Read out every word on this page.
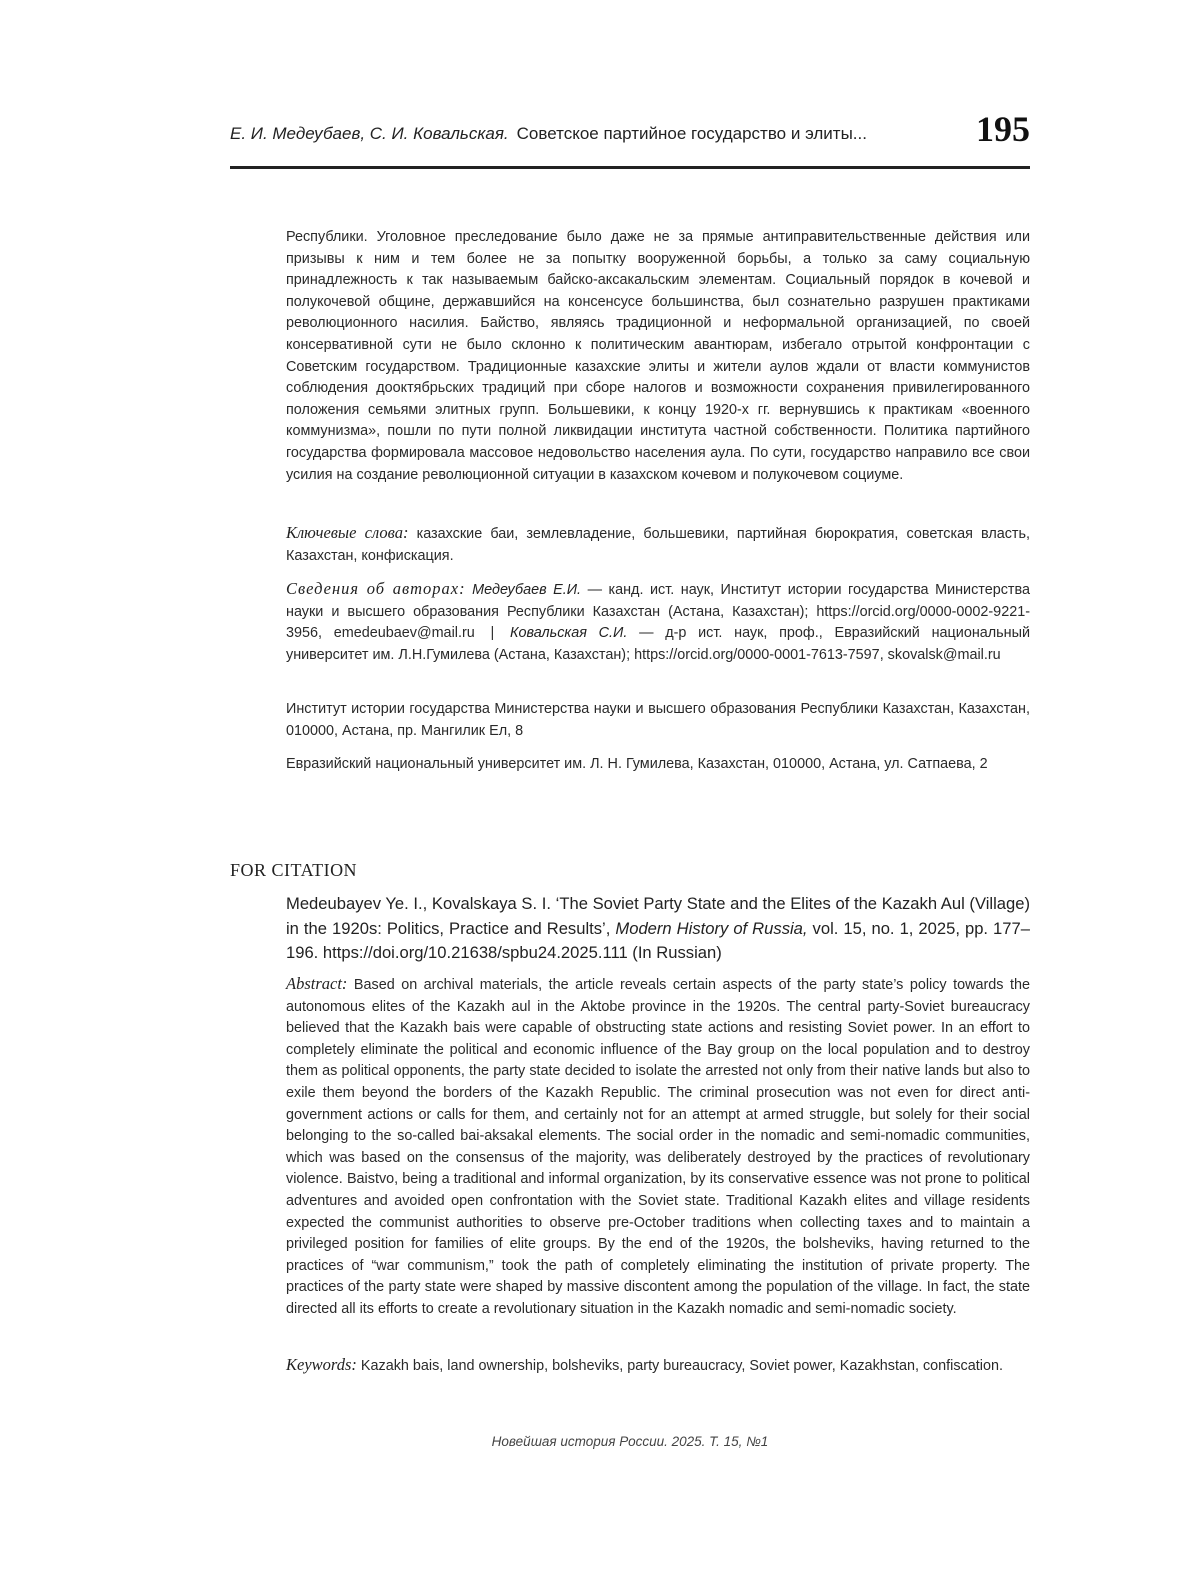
Е. И. Медеубаев, С. И. Ковальская. Советское партийное государство и элиты...	195

Республики. Уголовное преследование было даже не за прямые антиправительственные действия или призывы к ним и тем более не за попытку вооруженной борьбы, а только за саму социальную принадлежность к так называемым байско-аксакальским элементам. Социальный порядок в кочевой и полукочевой общине, державшийся на консенсусе большинства, был сознательно разрушен практиками революционного насилия. Байство, являясь традиционной и неформальной организацией, по своей консервативной сути не было склонно к политическим авантюрам, избегало отрытой конфронтации с Советским государством. Традиционные казахские элиты и жители аулов ждали от власти коммунистов соблюдения дооктябрьских традиций при сборе налогов и возможности сохранения привилегированного положения семьями элитных групп. Большевики, к концу 1920-х гг. вернувшись к практикам «военного коммунизма», пошли по пути полной ликвидации института частной собственности. Политика партийного государства формировала массовое недовольство населения аула. По сути, государство направило все свои усилия на создание революционной ситуации в казахском кочевом и полукочевом социуме.

Ключевые слова: казахские баи, землевладение, большевики, партийная бюрократия, советская власть, Казахстан, конфискация.

Сведения об авторах: Медеубаев Е.И. — канд. ист. наук, Институт истории государства Министерства науки и высшего образования Республики Казахстан (Астана, Казахстан); https://orcid.org/0000-0002-9221-3956, emedeubaev@mail.ru | Ковальская С.И. — д-р ист. наук, проф., Евразийский национальный университет им. Л.Н.Гумилева (Астана, Казахстан); https://orcid.org/0000-0001-7613-7597, skovalsk@mail.ru

Институт истории государства Министерства науки и высшего образования Республики Казахстан, Казахстан, 010000, Астана, пр. Мангилик Ел, 8

Евразийский национальный университет им. Л. Н. Гумилева, Казахстан, 010000, Астана, ул. Сатпаева, 2

FOR CITATION

Medeubayev Ye. I., Kovalskaya S. I. ‘The Soviet Party State and the Elites of the Kazakh Aul (Village) in the 1920s: Politics, Practice and Results’, Modern History of Russia, vol. 15, no. 1, 2025, pp. 177–196. https://doi.org/10.21638/spbu24.2025.111 (In Russian)

Abstract: Based on archival materials, the article reveals certain aspects of the party state’s policy towards the autonomous elites of the Kazakh aul in the Aktobe province in the 1920s. The central party-Soviet bureaucracy believed that the Kazakh bais were capable of obstructing state actions and resisting Soviet power. In an effort to completely eliminate the political and economic influence of the Bay group on the local population and to destroy them as political opponents, the party state decided to isolate the arrested not only from their native lands but also to exile them beyond the borders of the Kazakh Republic. The criminal prosecution was not even for direct anti-government actions or calls for them, and certainly not for an attempt at armed struggle, but solely for their social belonging to the so-called bai-aksakal elements. The social order in the nomadic and semi-nomadic communities, which was based on the consensus of the majority, was deliberately destroyed by the practices of revolutionary violence. Baistvo, being a traditional and informal organization, by its conservative essence was not prone to political adventures and avoided open confrontation with the Soviet state. Traditional Kazakh elites and village residents expected the communist authorities to observe pre-October traditions when collecting taxes and to maintain a privileged position for families of elite groups. By the end of the 1920s, the bolsheviks, having returned to the practices of “war communism,” took the path of completely eliminating the institution of private property. The practices of the party state were shaped by massive discontent among the population of the village. In fact, the state directed all its efforts to create a revolutionary situation in the Kazakh nomadic and semi-nomadic society.

Keywords: Kazakh bais, land ownership, bolsheviks, party bureaucracy, Soviet power, Kazakhstan, confiscation.

Новейшая история России. 2025. Т. 15, №1
